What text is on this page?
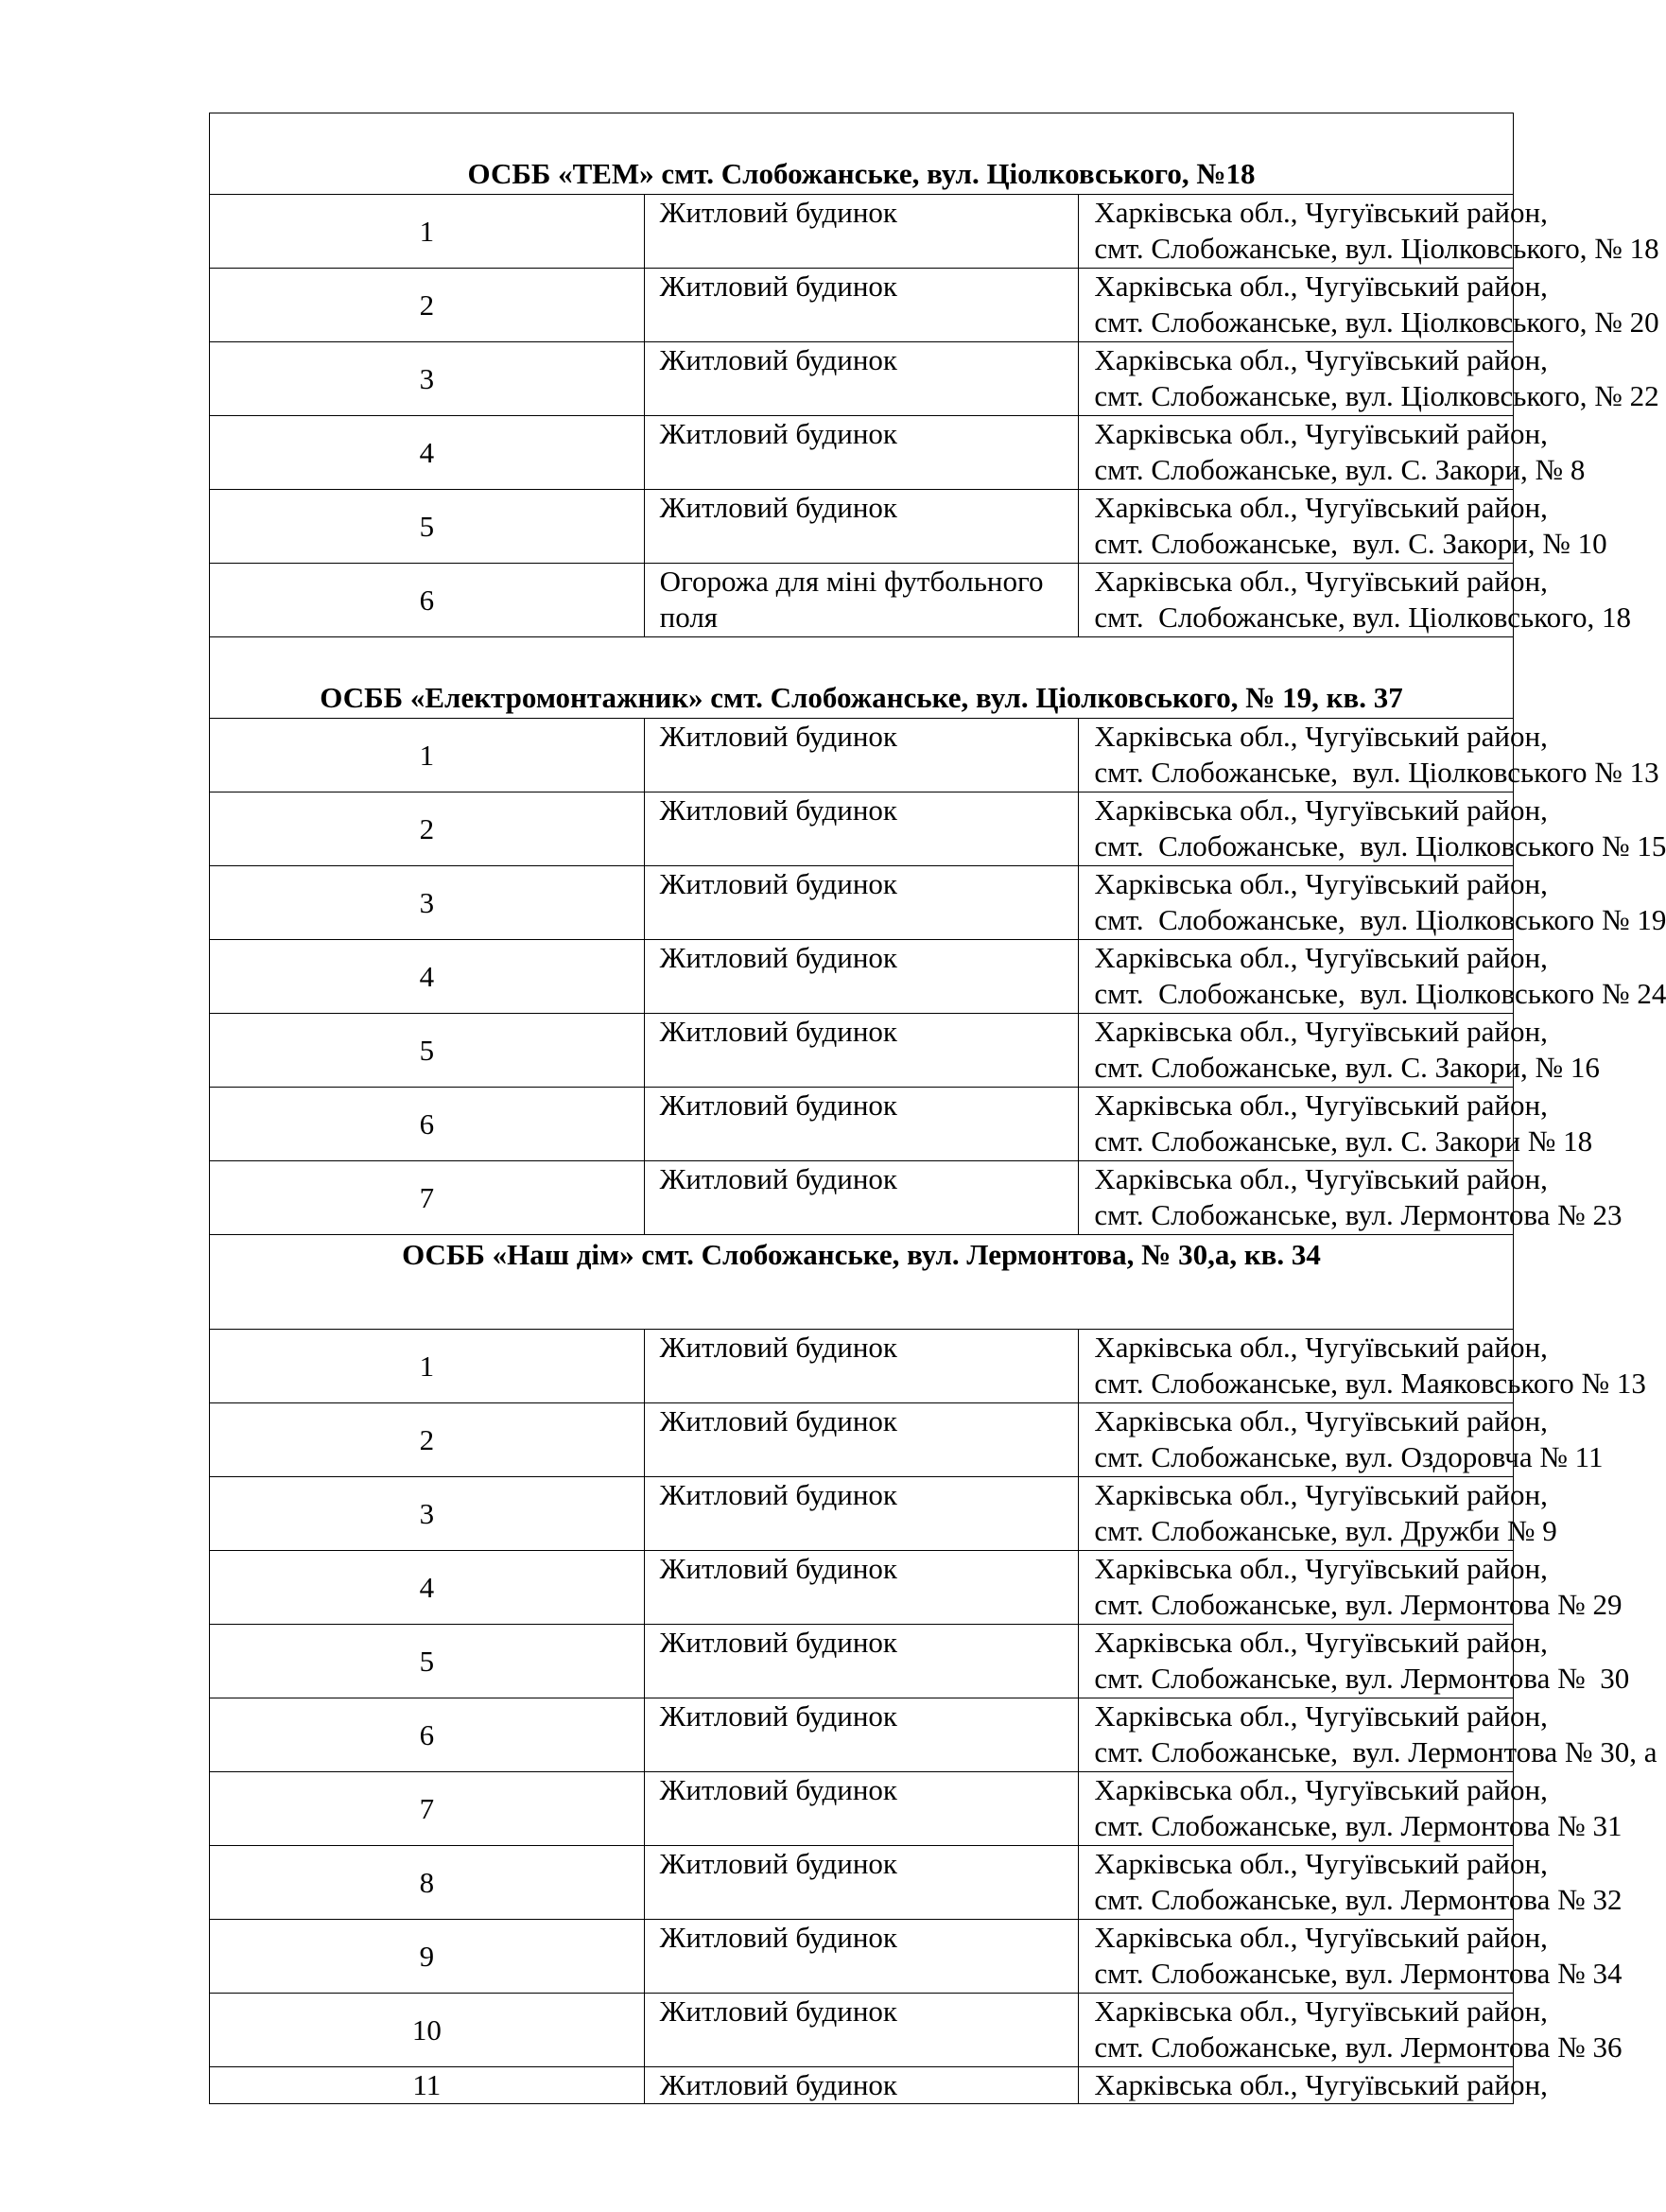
ОСББ «ТЕМ» смт. Слобожанське, вул. Ціолковського, №18		
1	Житловий будинок	Харківська обл., Чугуївський район,
смт. Слобожанське, вул. Ціолковського, № 18

2	Житловий будинок	Харківська обл., Чугуївський район,
смт. Слобожанське, вул. Ціолковського, № 20

3	Житловий будинок	Харківська обл., Чугуївський район,
смт. Слобожанське, вул. Ціолковського, № 22

4	Житловий будинок	Харківська обл., Чугуївський район,
смт. Слобожанське, вул. С. Закори, № 8

5	Житловий будинок	Харківська обл., Чугуївський район,
смт. Слобожанське,  вул. С. Закори, № 10

6	Огорожа для міні футбольного поля	Харківська обл., Чугуївський район,
смт.  Слобожанське, вул. Ціолковського, 18

ОСББ «Електромонтажник» смт. Слобожанське, вул. Ціолковського, № 19, кв. 37		
1	Житловий будинок	Харківська обл., Чугуївський район,
смт. Слобожанське,  вул. Ціолковського № 13

2	Житловий будинок	Харківська обл., Чугуївський район,
смт.  Слобожанське,  вул. Ціолковського № 15

3	Житловий будинок	Харківська обл., Чугуївський район,
смт.  Слобожанське,  вул. Ціолковського № 19

4	Житловий будинок	Харківська обл., Чугуївський район,
смт.  Слобожанське,  вул. Ціолковського № 24

5	Житловий будинок	Харківська обл., Чугуївський район,
смт. Слобожанське, вул. С. Закори, № 16

6	Житловий будинок	Харківська обл., Чугуївський район,
смт. Слобожанське, вул. С. Закори № 18

7	Житловий будинок	Харківська обл., Чугуївський район,
смт. Слобожанське, вул. Лермонтова № 23

ОСББ «Наш дім» смт. Слобожанське, вул. Лермонтова, № 30,а, кв. 34		
1	Житловий будинок	Харківська обл., Чугуївський район,
смт. Слобожанське, вул. Маяковського № 13

2	Житловий будинок	Харківська обл., Чугуївський район,
смт. Слобожанське, вул. Оздоровча № 11

3	Житловий будинок	Харківська обл., Чугуївський район,
смт. Слобожанське, вул. Дружби № 9

4	Житловий будинок	Харківська обл., Чугуївський район,
смт. Слобожанське, вул. Лермонтова № 29

5	Житловий будинок	Харківська обл., Чугуївський район,
смт. Слобожанське, вул. Лермонтова №  30

6	Житловий будинок	Харківська обл., Чугуївський район,
смт. Слобожанське,  вул. Лермонтова № 30, а

7	Житловий будинок	Харківська обл., Чугуївський район,
смт. Слобожанське, вул. Лермонтова № 31

8	Житловий будинок	Харківська обл., Чугуївський район,
смт. Слобожанське, вул. Лермонтова № 32

9	Житловий будинок	Харківська обл., Чугуївський район,
смт. Слобожанське, вул. Лермонтова № 34

10	Житловий будинок	Харківська обл., Чугуївський район,
смт. Слобожанське, вул. Лермонтова № 36

11	Житловий будинок	Харківська обл., Чугуївський район,
